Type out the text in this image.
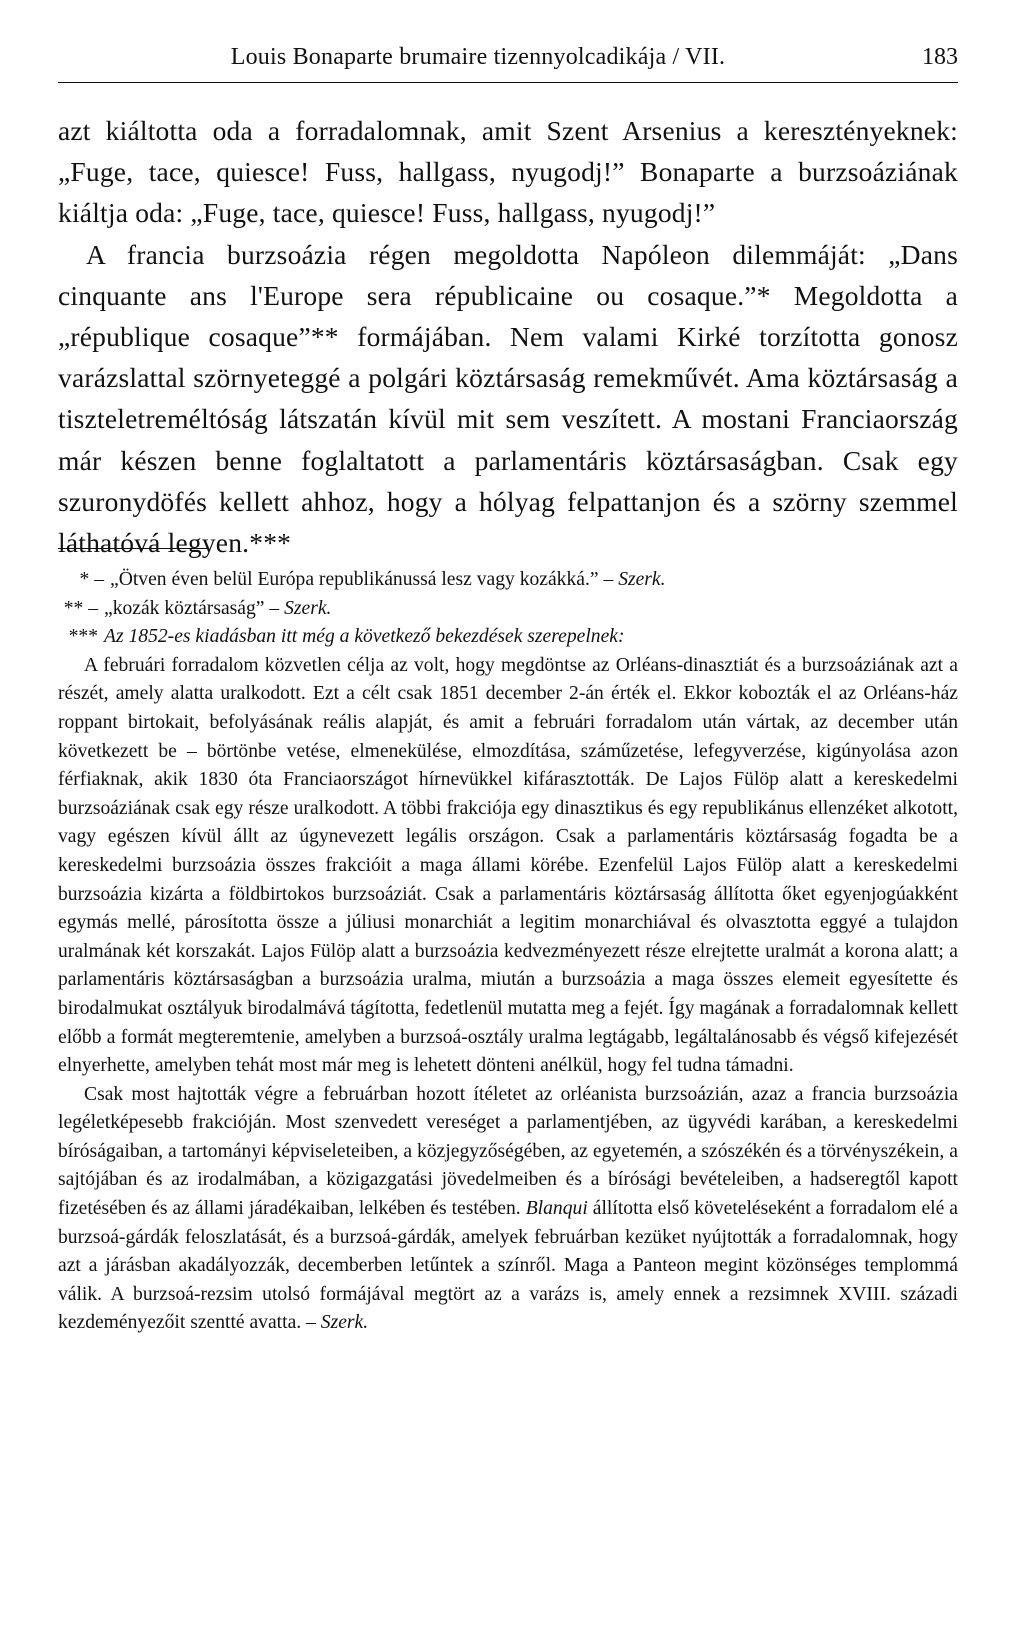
Louis Bonaparte brumaire tizennyolcadikája / VII.	183

azt kiáltotta oda a forradalomnak, amit Szent Arsenius a keresztényeknek: „Fuge, tace, quiesce! Fuss, hallgass, nyugodj!” Bonaparte a burzsoáziának kiáltja oda: „Fuge, tace, quiesce! Fuss, hallgass, nyugodj!”

A francia burzsoázia régen megoldotta Napóleon dilemmáját: „Dans cinquante ans l'Europe sera républicaine ou cosaque.”* Megoldotta a „république cosaque”** formájában. Nem valami Kirké torzította gonosz varázslattal szörnyeteggé a polgári köztársaság remekművét. Ama köztársaság a tiszteletreméltóság látszatán kívül mit sem veszített. A mostani Franciaország már készen benne foglaltatott a parlamentáris köztársaságban. Csak egy szuronydöfés kellett ahhoz, hogy a hólyag felpattanjon és a szörny szemmel láthatóvá legyen.***

* – „Ötven éven belül Európa republikánussá lesz vagy kozákká.” – Szerk.
** – „kozák köztársaság” – Szerk.
*** Az 1852-es kiadásban itt még a következő bekezdések szerepelnek:

A februári forradalom közvetlen célja az volt, hogy megdöntse az Orléans-dinasztiát és a burzsoáziának azt a részét, amely alatta uralkodott. Ezt a célt csak 1851 december 2-án érték el. Ekkor kobozták el az Orléans-ház roppant birtokait, befolyásának reális alapját, és amit a februári forradalom után vártak, az december után következett be – börtönbe vetése, elmenekülése, elmozdítása, száműzetése, lefegyverzése, kigúnyolása azon férfiaknak, akik 1830 óta Franciaországot hírnevükkel kifárasztották. De Lajos Fülöp alatt a kereskedelmi burzsoáziának csak egy része uralkodott. A többi frakciója egy dinasztikus és egy republikánus ellenzéket alkotott, vagy egészen kívül állt az úgynevezett legális országon. Csak a parlamentáris köztársaság fogadta be a kereskedelmi burzsoázia összes frakcióit a maga állami körébe. Ezenfelül Lajos Fülöp alatt a kereskedelmi burzsoázia kizárta a földbirtokos burzsoáziát. Csak a parlamentáris köztársaság állította őket egyenjogúakként egymás mellé, párosította össze a júliusi monarchiát a legitim monarchiával és olvasztotta eggyé a tulajdon uralmának két korszakát. Lajos Fülöp alatt a burzsoázia kedvezményezett része elrejtette uralmát a korona alatt; a parlamentáris köztársaságban a burzsoázia uralma, miután a burzsoázia a maga összes elemeit egyesítette és birodalmukat osztályuk birodalmává tágította, fedetlenül mutatta meg a fejét. Így magának a forradalomnak kellett előbb a formát megteremtenie, amelyben a burzsoá-osztály uralma legtágabb, legáltalánosabb és végső kifejezését elnyerhette, amelyben tehát most már meg is lehetett dönteni anélkül, hogy fel tudna támadni.

Csak most hajtották végre a februárban hozott ítéletet az orléanista burzsoázián, azaz a francia burzsoázia legéletképesebb frakcióján. Most szenvedett vereséget a parlamentjében, az ügyvédi karában, a kereskedelmi bíróságaiban, a tartományi képviseleteiben, a közjegyzőségében, az egyetemén, a szószékén és a törvényszékein, a sajtójában és az irodalmában, a közigazgatási jövedelmeiben és a bírósági bevételeiben, a hadseregtől kapott fizetésében és az állami járadékaiban, lelkében és testében. Blanqui állította első követeléseként a forradalom elé a burzsoá-gárdák feloszlatását, és a burzsoá-gárdák, amelyek februárban kezüket nyújtották a forradalomnak, hogy azt a járásban akadályozzák, decemberben letűntek a színről. Maga a Panteon megint közönséges templommá válik. A burzsoá-rezsim utolsó formájával megtört az a varázs is, amely ennek a rezsimnek XVIII. századi kezdeményezőit szentté avatta. – Szerk.
